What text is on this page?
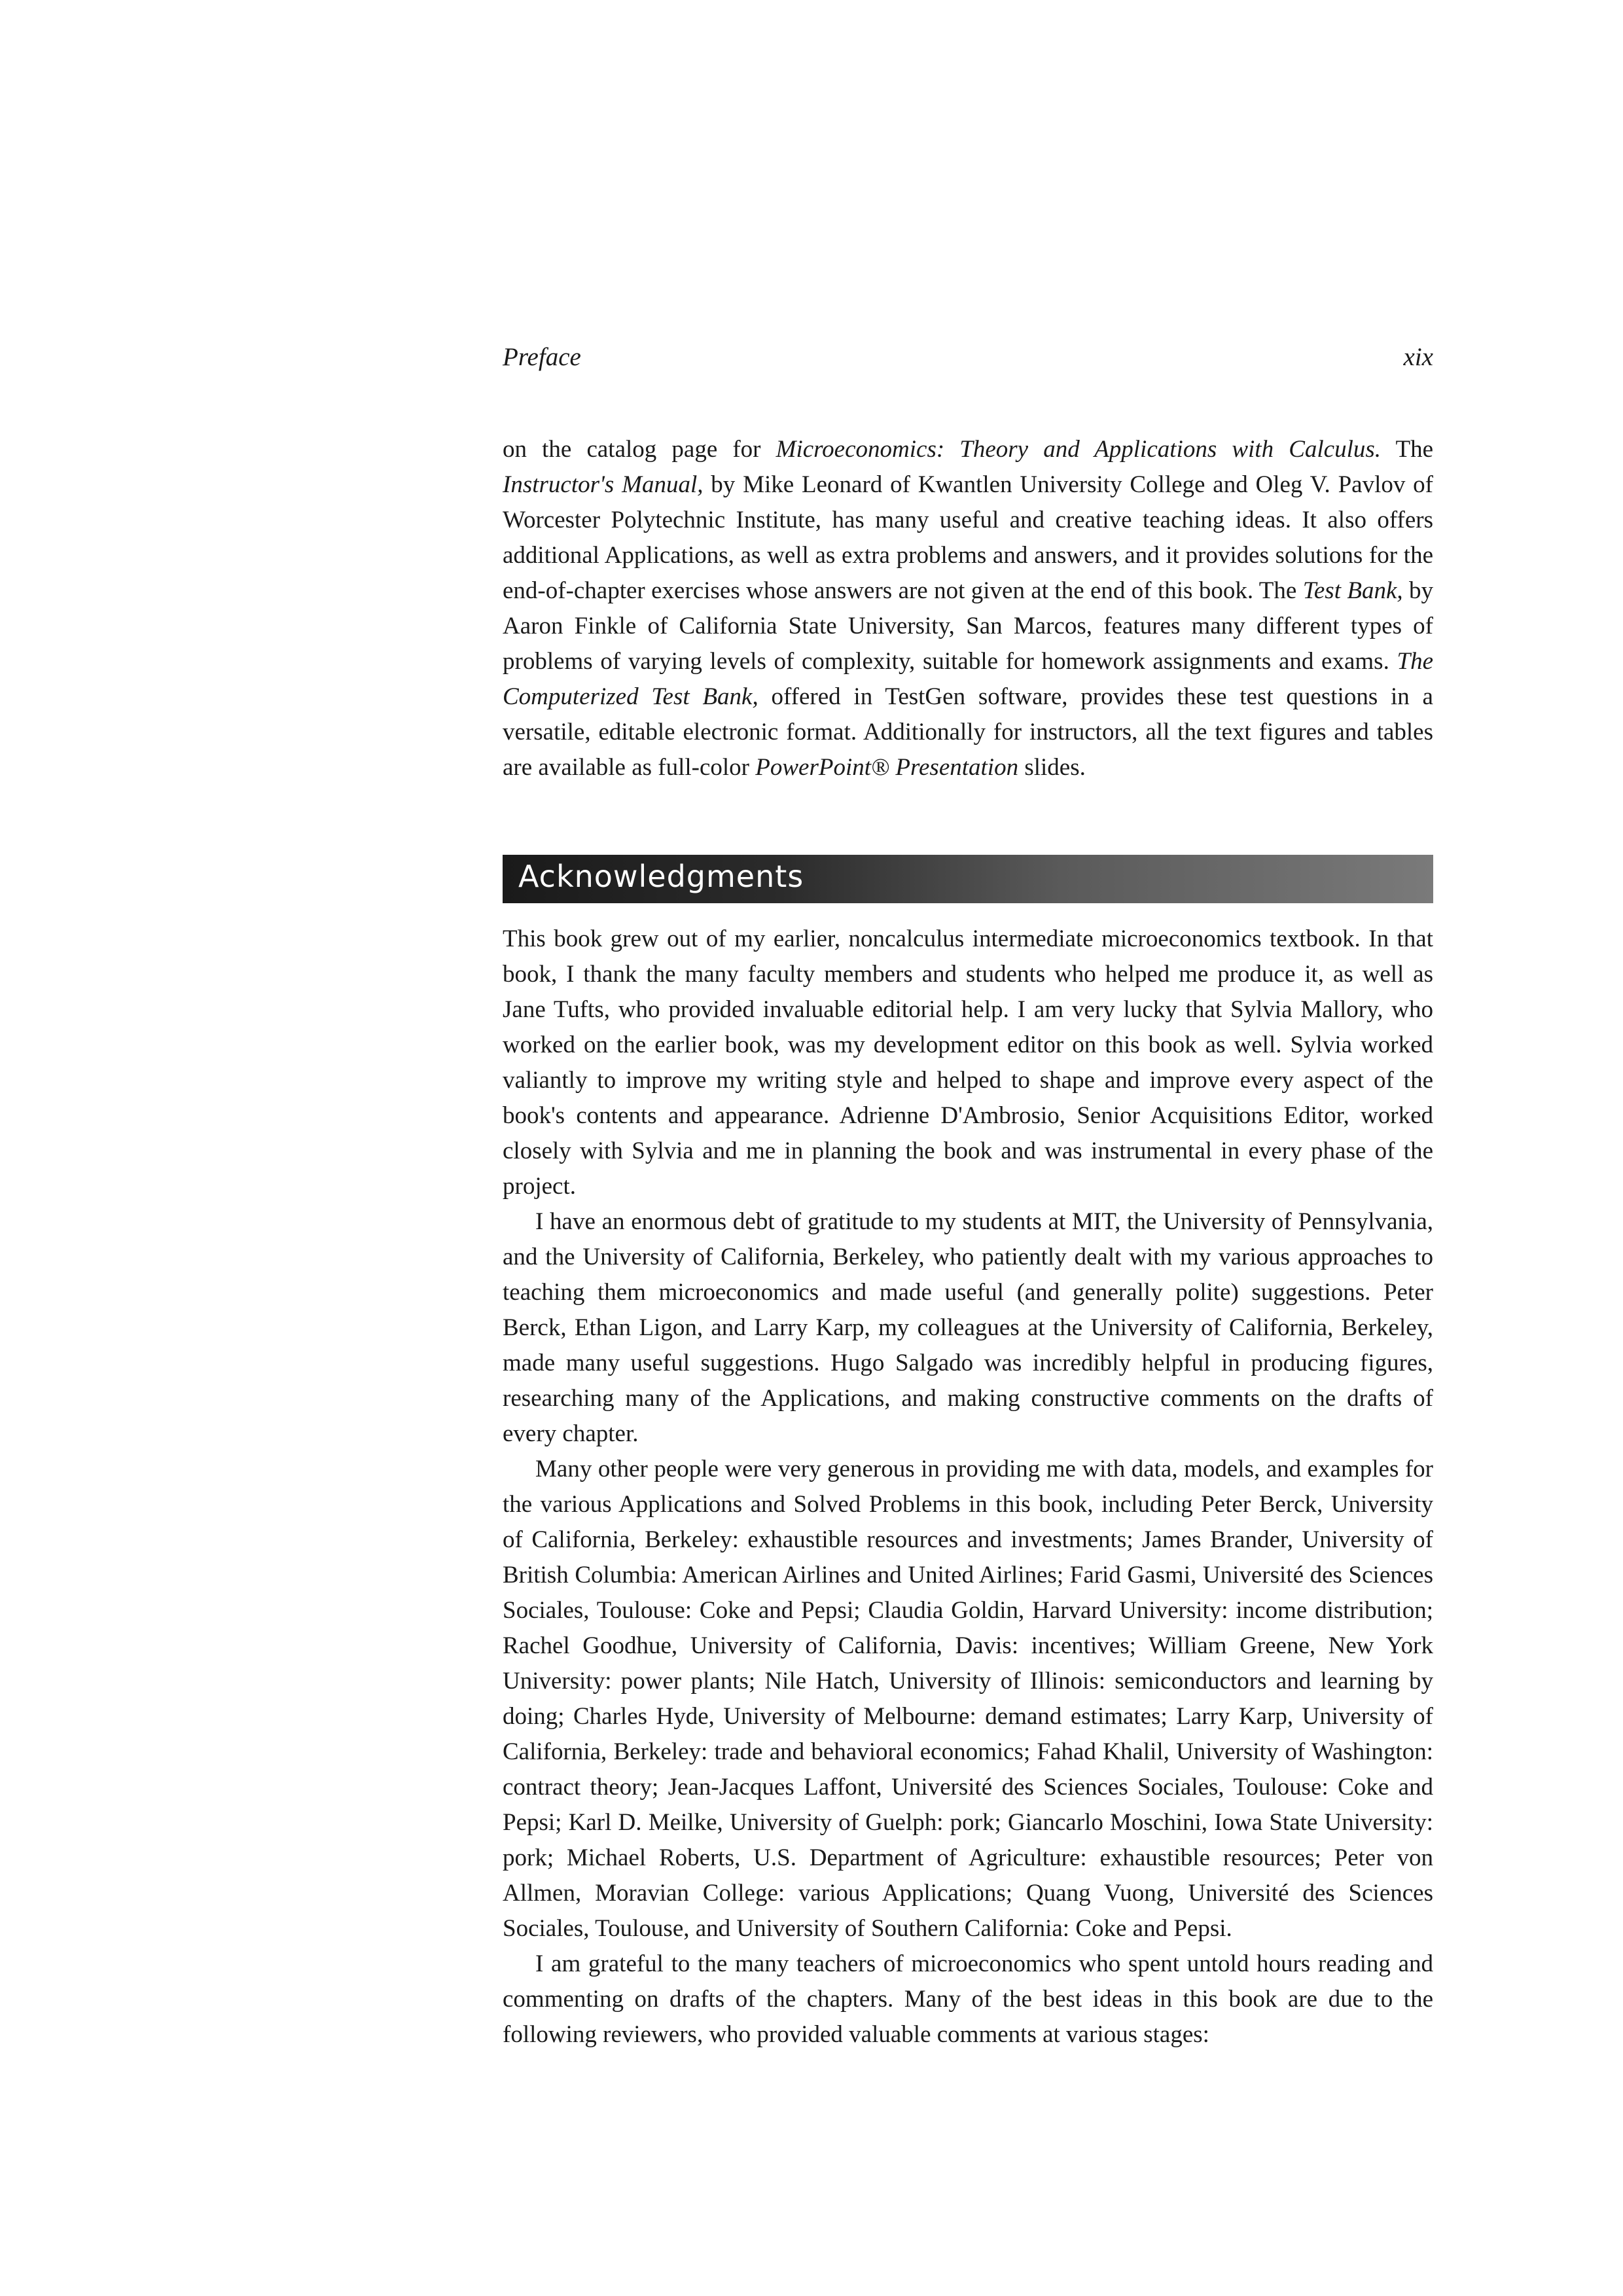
Preface	xix

on the catalog page for Microeconomics: Theory and Applications with Calculus. The Instructor's Manual, by Mike Leonard of Kwantlen University College and Oleg V. Pavlov of Worcester Polytechnic Institute, has many useful and creative teaching ideas. It also offers additional Applications, as well as extra problems and answers, and it provides solutions for the end-of-chapter exercises whose answers are not given at the end of this book. The Test Bank, by Aaron Finkle of California State University, San Marcos, features many different types of problems of varying levels of complexity, suitable for homework assignments and exams. The Computerized Test Bank, offered in TestGen software, provides these test questions in a versatile, editable electronic format. Additionally for instructors, all the text figures and tables are available as full-color PowerPoint® Presentation slides.

Acknowledgments

This book grew out of my earlier, noncalculus intermediate microeconomics textbook. In that book, I thank the many faculty members and students who helped me produce it, as well as Jane Tufts, who provided invaluable editorial help. I am very lucky that Sylvia Mallory, who worked on the earlier book, was my development editor on this book as well. Sylvia worked valiantly to improve my writing style and helped to shape and improve every aspect of the book's contents and appearance. Adrienne D'Ambrosio, Senior Acquisitions Editor, worked closely with Sylvia and me in planning the book and was instrumental in every phase of the project.

I have an enormous debt of gratitude to my students at MIT, the University of Pennsylvania, and the University of California, Berkeley, who patiently dealt with my various approaches to teaching them microeconomics and made useful (and generally polite) suggestions. Peter Berck, Ethan Ligon, and Larry Karp, my colleagues at the University of California, Berkeley, made many useful suggestions. Hugo Salgado was incredibly helpful in producing figures, researching many of the Applications, and making constructive comments on the drafts of every chapter.

Many other people were very generous in providing me with data, models, and examples for the various Applications and Solved Problems in this book, including Peter Berck, University of California, Berkeley: exhaustible resources and investments; James Brander, University of British Columbia: American Airlines and United Airlines; Farid Gasmi, Université des Sciences Sociales, Toulouse: Coke and Pepsi; Claudia Goldin, Harvard University: income distribution; Rachel Goodhue, University of California, Davis: incentives; William Greene, New York University: power plants; Nile Hatch, University of Illinois: semiconductors and learning by doing; Charles Hyde, University of Melbourne: demand estimates; Larry Karp, University of California, Berkeley: trade and behavioral economics; Fahad Khalil, University of Washington: contract theory; Jean-Jacques Laffont, Université des Sciences Sociales, Toulouse: Coke and Pepsi; Karl D. Meilke, University of Guelph: pork; Giancarlo Moschini, Iowa State University: pork; Michael Roberts, U.S. Department of Agriculture: exhaustible resources; Peter von Allmen, Moravian College: various Applications; Quang Vuong, Université des Sciences Sociales, Toulouse, and University of Southern California: Coke and Pepsi.

I am grateful to the many teachers of microeconomics who spent untold hours reading and commenting on drafts of the chapters. Many of the best ideas in this book are due to the following reviewers, who provided valuable comments at various stages:
